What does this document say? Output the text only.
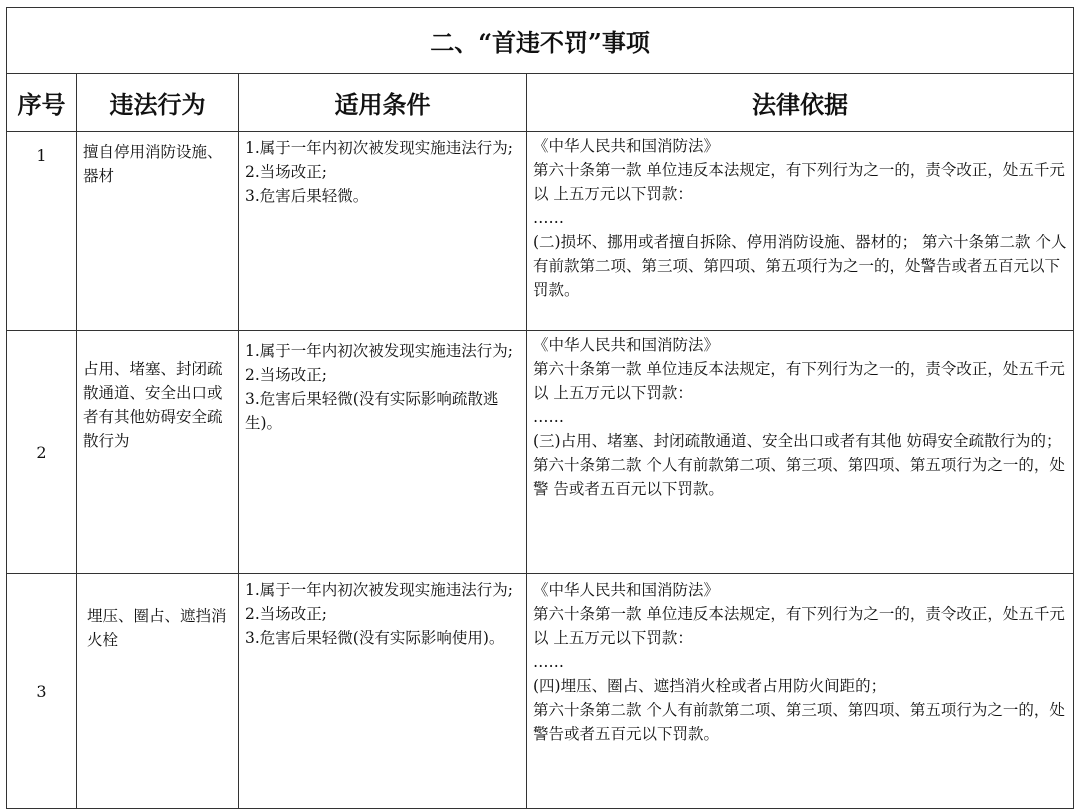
二、“首违不罚”事项			
序号	违法行为	适用条件	法律依据

1	擅自停用消防设施、器材	1.属于一年内初次被发现实施违法行为;
2.当场改正;
3.危害后果轻微。	《中华人民共和国消防法》
第六十条第一款 单位违反本法规定，有下列行为之一的，责令改正，处五千元以 上五万元以下罚款：
……
(二)损坏、挪用或者擅自拆除、停用消防设施、器材的； 第六十条第二款 个人有前款第二项、第三项、第四项、第五项行为之一的，处警告或者五百元以下罚款。

2	占用、堵塞、封闭疏散通道、安全出口或者有其他妨碍安全疏散行为	1.属于一年内初次被发现实施违法行为;
2.当场改正;
3.危害后果轻微(没有实际影响疏散逃生)。	《中华人民共和国消防法》
第六十条第一款 单位违反本法规定，有下列行为之一的，责令改正，处五千元以 上五万元以下罚款：
……
(三)占用、堵塞、封闭疏散通道、安全出口或者有其他 妨碍安全疏散行为的；
第六十条第二款 个人有前款第二项、第三项、第四项、第五项行为之一的，处警 告或者五百元以下罚款。

3	埋压、圈占、遮挡消火栓	1.属于一年内初次被发现实施违法行为;
2.当场改正;
3.危害后果轻微(没有实际影响使用)。	《中华人民共和国消防法》
第六十条第一款 单位违反本法规定，有下列行为之一的，责令改正，处五千元以 上五万元以下罚款：
……
(四)埋压、圈占、遮挡消火栓或者占用防火间距的；
第六十条第二款 个人有前款第二项、第三项、第四项、第五项行为之一的，处警告或者五百元以下罚款。
